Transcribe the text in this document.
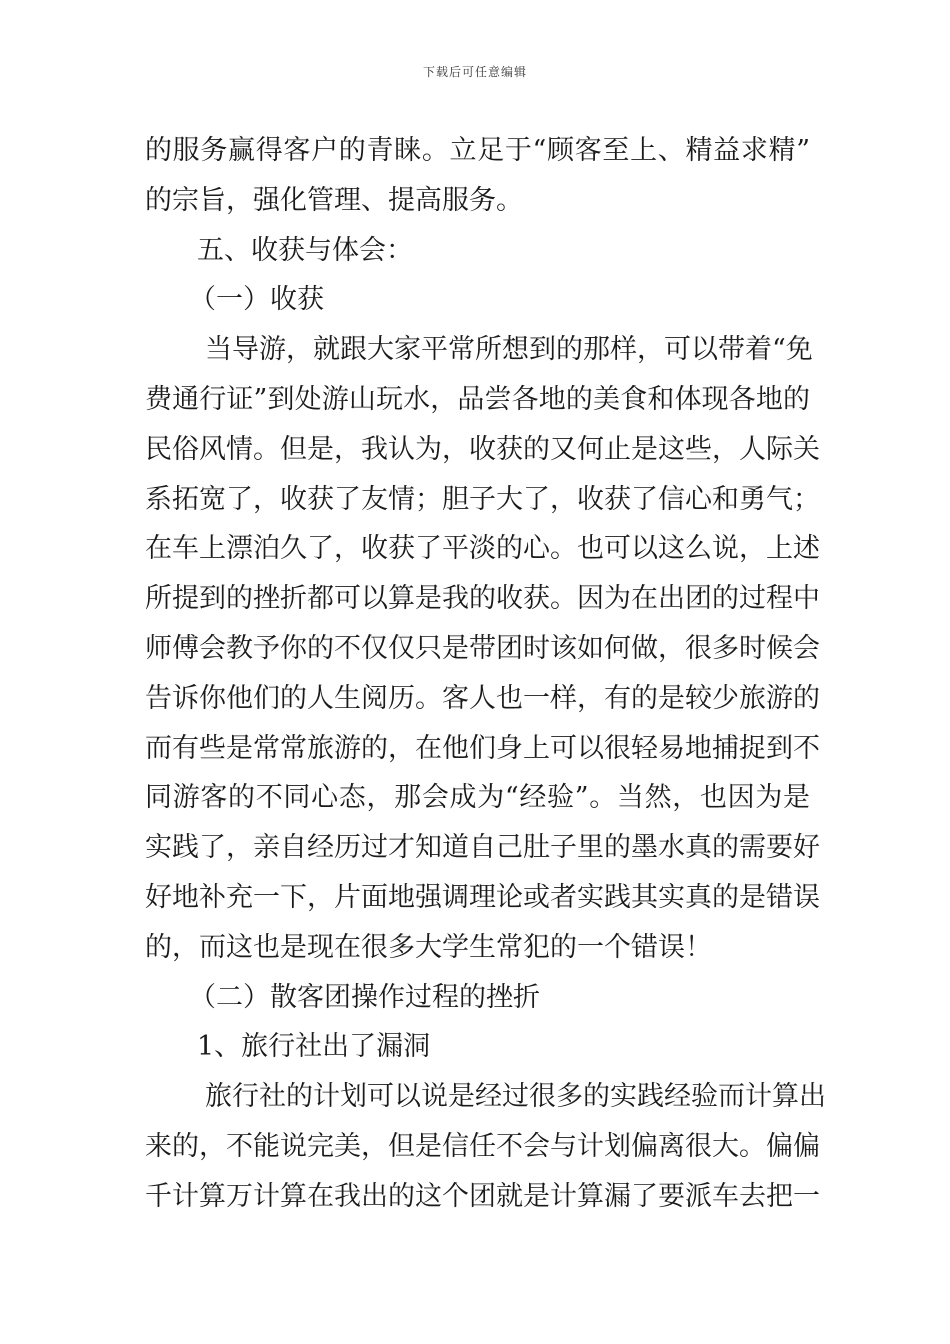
下载后可任意编辑
的服务赢得客户的青睐。立足于“顾客至上、精益求精”
的宗旨，强化管理、提高服务。
五、收获与体会：
（一）收获
当导游，就跟大家平常所想到的那样，可以带着“免
费通行证”到处游山玩水，品尝各地的美食和体现各地的
民俗风情。但是，我认为，收获的又何止是这些，人际关
系拓宽了，收获了友情；胆子大了，收获了信心和勇气；
在车上漂泊久了，收获了平淡的心。也可以这么说，上述
所提到的挫折都可以算是我的收获。因为在出团的过程中
师傅会教予你的不仅仅只是带团时该如何做，很多时候会
告诉你他们的人生阅历。客人也一样，有的是较少旅游的
而有些是常常旅游的，在他们身上可以很轻易地捕捉到不
同游客的不同心态，那会成为“经验”。当然，也因为是
实践了，亲自经历过才知道自己肚子里的墨水真的需要好
好地补充一下，片面地强调理论或者实践其实真的是错误
的，而这也是现在很多大学生常犯的一个错误！
（二）散客团操作过程的挫折
1、旅行社出了漏洞
旅行社的计划可以说是经过很多的实践经验而计算出
来的，不能说完美，但是信任不会与计划偏离很大。偏偏
千计算万计算在我出的这个团就是计算漏了要派车去把一
